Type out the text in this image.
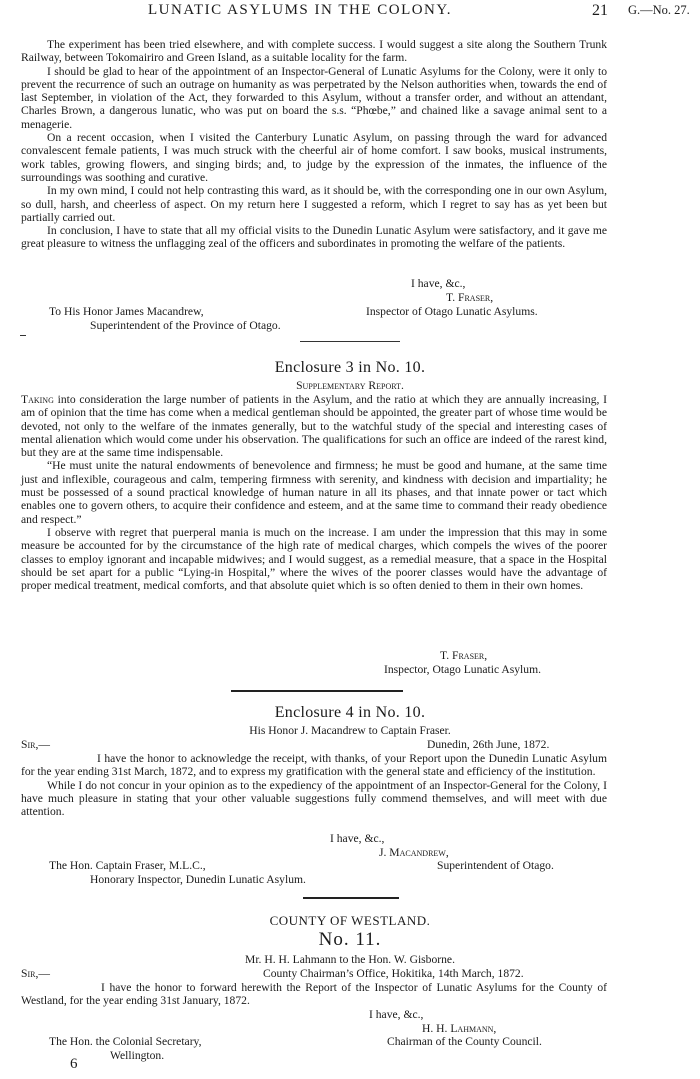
LUNATIC ASYLUMS IN THE COLONY.	21 G.—No. 27.

The experiment has been tried elsewhere, and with complete success. I would suggest a site along the Southern Trunk Railway, between Tokomairiro and Green Island, as a suitable locality for the farm.

I should be glad to hear of the appointment of an Inspector-General of Lunatic Asylums for the Colony, were it only to prevent the recurrence of such an outrage on humanity as was perpetrated by the Nelson authorities when, towards the end of last September, in violation of the Act, they forwarded to this Asylum, without a transfer order, and without an attendant, Charles Brown, a dangerous lunatic, who was put on board the s.s. “Phœbe,” and chained like a savage animal sent to a menagerie.

On a recent occasion, when I visited the Canterbury Lunatic Asylum, on passing through the ward for advanced convalescent female patients, I was much struck with the cheerful air of home comfort. I saw books, musical instruments, work tables, growing flowers, and singing birds; and, to judge by the expression of the inmates, the influence of the surroundings was soothing and curative.

In my own mind, I could not help contrasting this ward, as it should be, with the corresponding one in our own Asylum, so dull, harsh, and cheerless of aspect. On my return here I suggested a reform, which I regret to say has as yet been but partially carried out.

In conclusion, I have to state that all my official visits to the Dunedin Lunatic Asylum were satisfactory, and it gave me great pleasure to witness the unflagging zeal of the officers and subordinates in promoting the welfare of the patients.

I have, &c.,
T. Fraser,
Inspector of Otago Lunatic Asylums.
To His Honor James Macandrew,
Superintendent of the Province of Otago.
Enclosure 3 in No. 10.
Supplementary Report.

Taking into consideration the large number of patients in the Asylum, and the ratio at which they are annually increasing, I am of opinion that the time has come when a medical gentleman should be appointed, the greater part of whose time would be devoted, not only to the welfare of the inmates generally, but to the watchful study of the special and interesting cases of mental alienation which would come under his observation. The qualifications for such an office are indeed of the rarest kind, but they are at the same time indispensable.

“He must unite the natural endowments of benevolence and firmness; he must be good and humane, at the same time just and inflexible, courageous and calm, tempering firmness with serenity, and kindness with decision and impartiality; he must be possessed of a sound practical knowledge of human nature in all its phases, and that innate power or tact which enables one to govern others, to acquire their confidence and esteem, and at the same time to command their ready obedience and respect.”

I observe with regret that puerperal mania is much on the increase. I am under the impression that this may in some measure be accounted for by the circumstance of the high rate of medical charges, which compels the wives of the poorer classes to employ ignorant and incapable midwives; and I would suggest, as a remedial measure, that a space in the Hospital should be set apart for a public “Lying-in Hospital,” where the wives of the poorer classes would have the advantage of proper medical treatment, medical comforts, and that absolute quiet which is so often denied to them in their own homes.

T. Fraser,
Inspector, Otago Lunatic Asylum.
Enclosure 4 in No. 10.
His Honor J. Macandrew to Captain Fraser.
Sir,—	Dunedin, 26th June, 1872.

I have the honor to acknowledge the receipt, with thanks, of your Report upon the Dunedin Lunatic Asylum for the year ending 31st March, 1872, and to express my gratification with the general state and efficiency of the institution.

While I do not concur in your opinion as to the expediency of the appointment of an Inspector-General for the Colony, I have much pleasure in stating that your other valuable suggestions fully commend themselves, and will meet with due attention.

I have, &c.,
J. Macandrew,
Superintendent of Otago.
The Hon. Captain Fraser, M.L.C.,
Honorary Inspector, Dunedin Lunatic Asylum.
COUNTY OF WESTLAND.
No. 11.
Mr. H. H. Lahmann to the Hon. W. Gisborne.
Sir,—	County Chairman’s Office, Hokitika, 14th March, 1872.

I have the honor to forward herewith the Report of the Inspector of Lunatic Asylums for the County of Westland, for the year ending 31st January, 1872.

I have, &c.,
H. H. Lahmann,
Chairman of the County Council.
The Hon. the Colonial Secretary,
Wellington.
6
